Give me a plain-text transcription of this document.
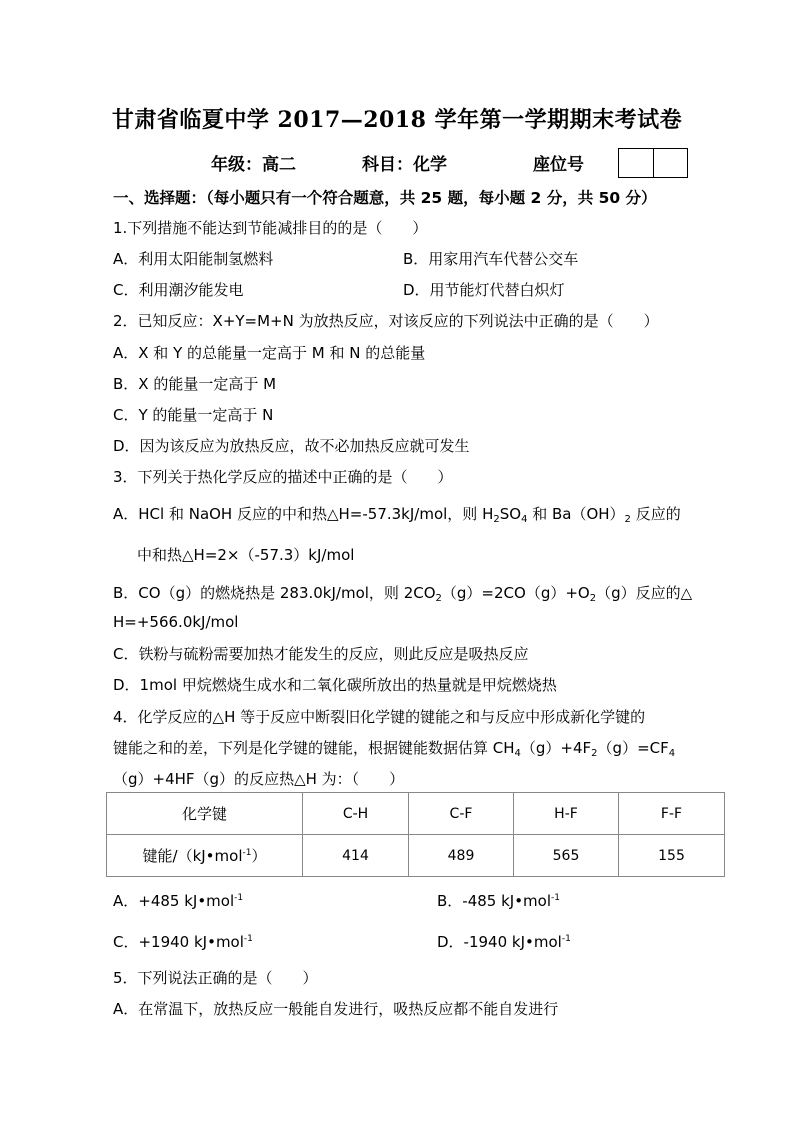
甘肃省临夏中学 2017—2018 学年第一学期期末考试卷
年级：高二	科目：化学	座位号
一、选择题：（每小题只有一个符合题意，共 25 题，每小题 2 分，共 50 分）
1.下列措施不能达到节能减排目的的是（　　）
A．利用太阳能制氢燃料	B．用家用汽车代替公交车
C．利用潮汐能发电	D．用节能灯代替白炽灯
2．已知反应：X+Y=M+N 为放热反应，对该反应的下列说法中正确的是（　　）
A．X 和 Y 的总能量一定高于 M 和 N 的总能量
B．X 的能量一定高于 M
C．Y 的能量一定高于 N
D．因为该反应为放热反应，故不必加热反应就可发生
3．下列关于热化学反应的描述中正确的是（　　）
A．HCl 和 NaOH 反应的中和热△H=-57.3kJ/mol，则 $H_2SO_4$ 和 $Ba(OH)_2$ 反应的
中和热△H=2×（-57.3）kJ/mol
B．CO（g）的燃烧热是 283.0kJ/mol，则 $2CO_2(g)=2CO(g)+O_2(g)$反应的△
H=+566.0kJ/mol
C．铁粉与硫粉需要加热才能发生的反应，则此反应是吸热反应
D．1mol 甲烷燃烧生成水和二氧化碳所放出的热量就是甲烷燃烧热
4．化学反应的△H 等于反应中断裂旧化学键的键能之和与反应中形成新化学键的
键能之和的差，下列是化学键的键能，根据键能数据估算 $CH_4(g)+4F_2(g)=CF_4$
（g）+4HF（g）的反应热△H 为：（　　）
化学键	C-H	C-F	H-F	F-F
键能/（kJ•mol$^{-1}$）	414	489	565	155
A．+485 kJ•mol$^{-1}$	B．-485 kJ•mol$^{-1}$
C．+1940 kJ•mol$^{-1}$	D．-1940 kJ•mol$^{-1}$
5．下列说法正确的是（　　）
A．在常温下，放热反应一般能自发进行，吸热反应都不能自发进行
